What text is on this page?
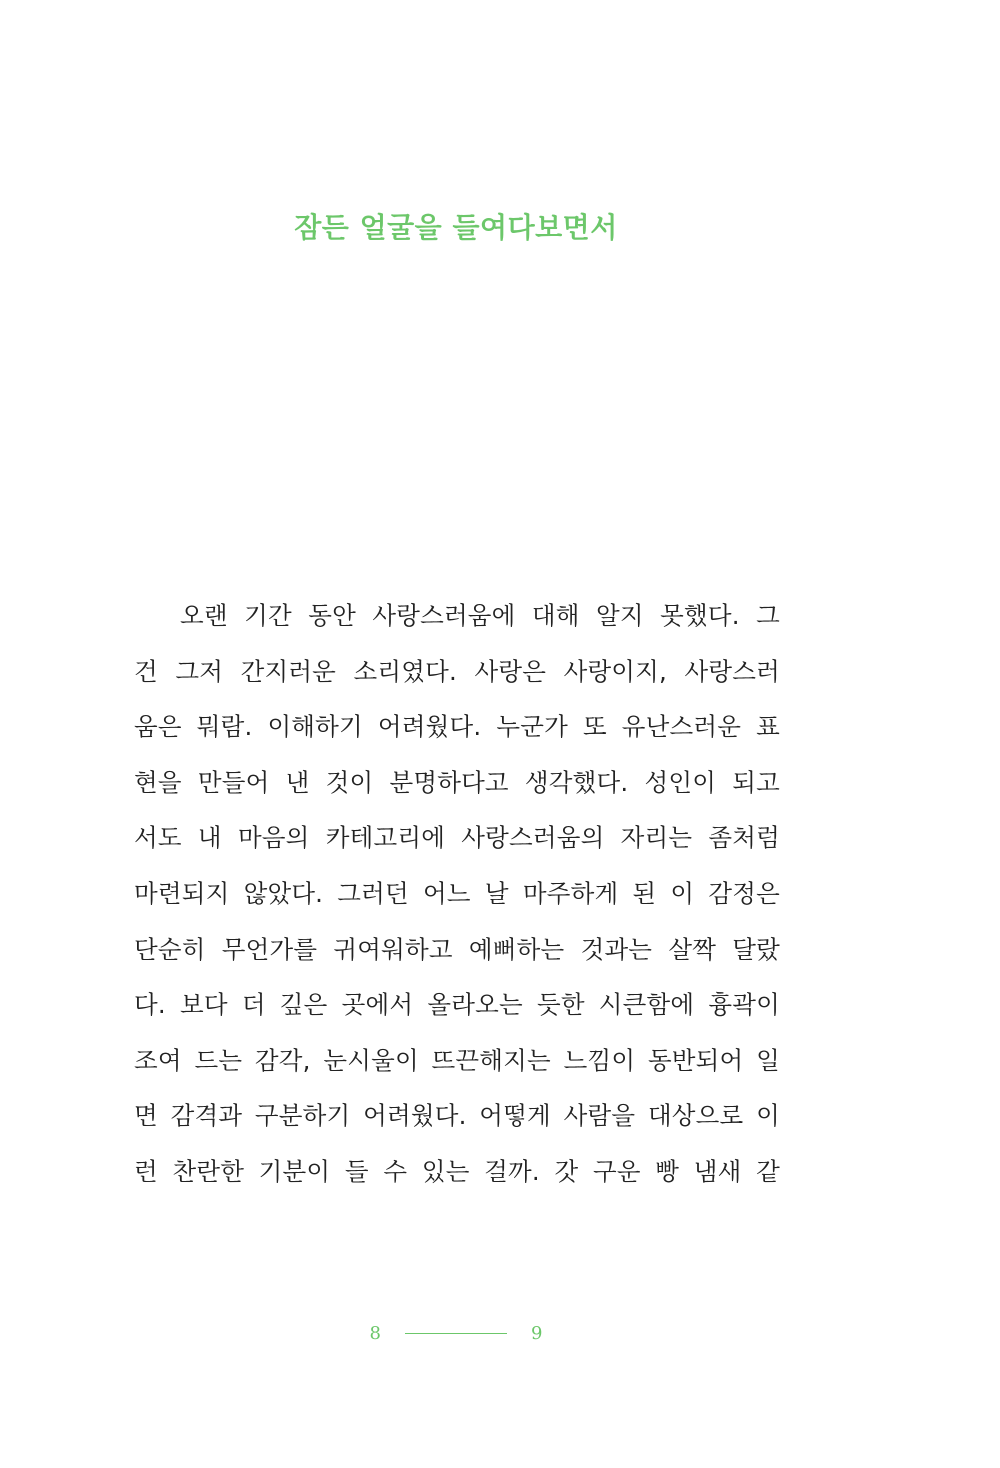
잠든 얼굴을 들여다보면서
오랜 기간 동안 사랑스러움에 대해 알지 못했다. 그
건 그저 간지러운 소리였다. 사랑은 사랑이지, 사랑스러
움은 뭐람. 이해하기 어려웠다. 누군가 또 유난스러운 표
현을 만들어 낸 것이 분명하다고 생각했다. 성인이 되고
서도 내 마음의 카테고리에 사랑스러움의 자리는 좀처럼
마련되지 않았다. 그러던 어느 날 마주하게 된 이 감정은
단순히 무언가를 귀여워하고 예뻐하는 것과는 살짝 달랐
다. 보다 더 깊은 곳에서 올라오는 듯한 시큰함에 흉곽이
조여 드는 감각, 눈시울이 뜨끈해지는 느낌이 동반되어 일
면 감격과 구분하기 어려웠다. 어떻게 사람을 대상으로 이
런 찬란한 기분이 들 수 있는 걸까. 갓 구운 빵 냄새 같
8	9
